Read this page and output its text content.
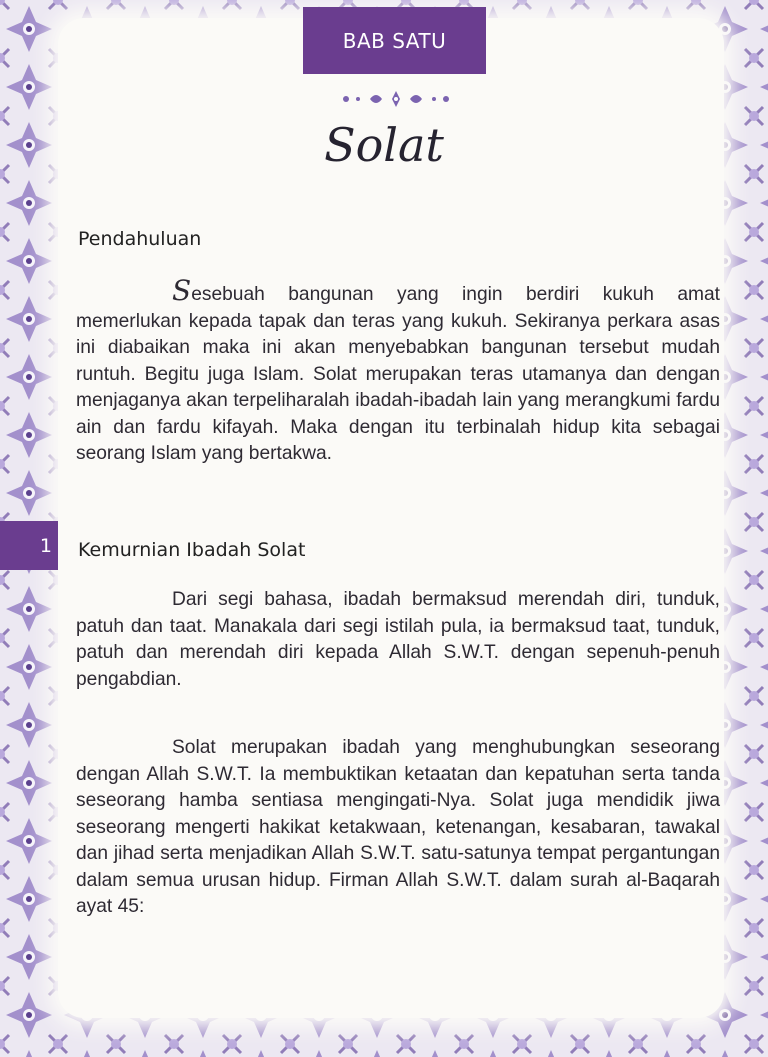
BAB SATU
Solat
Pendahuluan

Sesebuah bangunan yang ingin berdiri kukuh amat memerlukan kepada tapak dan teras yang kukuh. Sekiranya perkara asas ini diabaikan maka ini akan menyebabkan bangunan tersebut mudah runtuh. Begitu juga Islam. Solat merupakan teras utamanya dan dengan menjaganya akan terpeliharalah ibadah-ibadah lain yang merangkumi fardu ain dan fardu kifayah. Maka dengan itu terbinalah hidup kita sebagai seorang Islam yang bertakwa.

1 Kemurnian Ibadah Solat

Dari segi bahasa, ibadah bermaksud merendah diri, tunduk, patuh dan taat. Manakala dari segi istilah pula, ia bermaksud taat, tunduk, patuh dan merendah diri kepada Allah S.W.T. dengan sepenuh-penuh pengabdian.

Solat merupakan ibadah yang menghubungkan seseorang dengan Allah S.W.T. Ia membuktikan ketaatan dan kepatuhan serta tanda seseorang hamba sentiasa mengingati-Nya. Solat juga mendidik jiwa seseorang mengerti hakikat ketakwaan, ketenangan, kesabaran, tawakal dan jihad serta menjadikan Allah S.W.T. satu-satunya tempat pergantungan dalam semua urusan hidup. Firman Allah S.W.T. dalam surah al-Baqarah ayat 45:
